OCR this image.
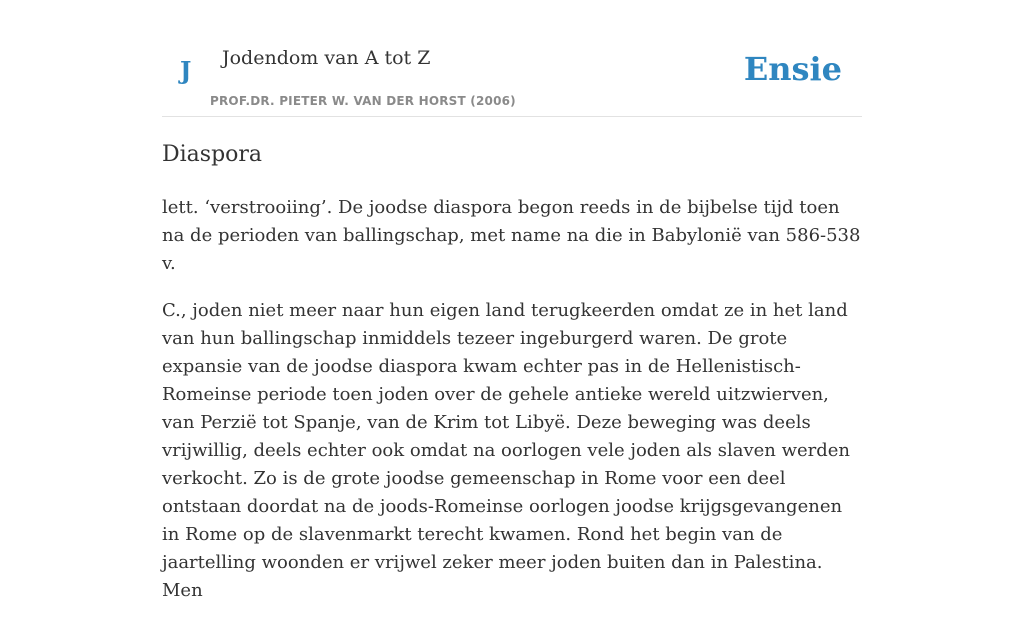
J Jodendom van A tot Z
PROF.DR. PIETER W. VAN DER HORST (2006)
Ensie
Diaspora

lett. ‘verstrooiing’. De joodse diaspora begon reeds in de bijbelse tijd toen na de perioden van ballingschap, met name na die in Babyloniё van 586-538 v.

C., joden niet meer naar hun eigen land terugkeerden omdat ze in het land van hun ballingschap inmiddels tezeer ingeburgerd waren. De grote expansie van de joodse diaspora kwam echter pas in de Hellenistisch-Romeinse periode toen joden over de gehele antieke wereld uitzwierven, van Perzië tot Spanje, van de Krim tot Libyë. Deze beweging was deels vrijwillig, deels echter ook omdat na oorlogen vele joden als slaven werden verkocht. Zo is de grote joodse gemeenschap in Rome voor een deel ontstaan doordat na de joods-Romeinse oorlogen joodse krijgsgevangenen in Rome op de slavenmarkt terecht kwamen. Rond het begin van de jaartelling woonden er vrijwel zeker meer joden buiten dan in Palestina. Men
